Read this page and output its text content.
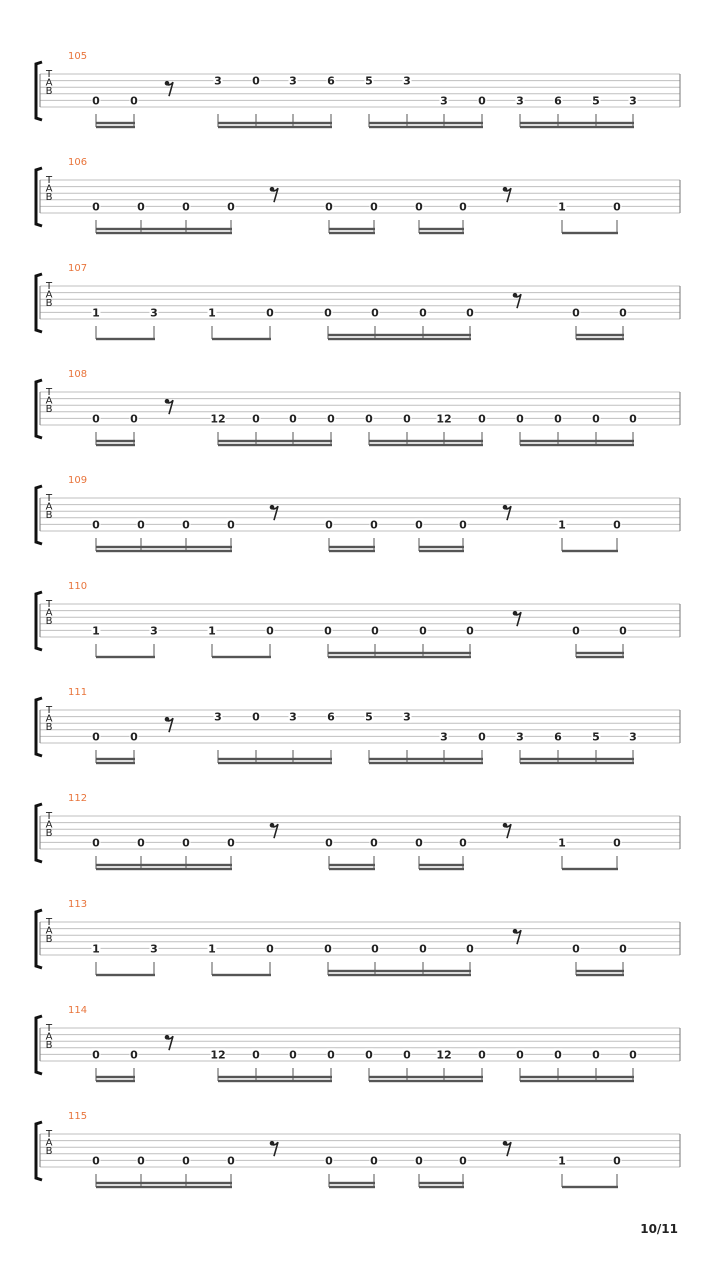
105
T
A
B
0	0
3	0	3	6	5	3
3	0	3	6	5	3
106
T
A
B
0	0	0	0	0	0	0	0	1	0
107
T
A
B
1	3	1	0	0	0	0	0	0	0
108
T
A
B
0	0	12 0	0	0	0	0 12 0	0	0	0	0
109
T
A
B
0	0	0	0	0	0	0	0	1	0
110
T
A
B
1	3	1	0	0	0	0	0	0	0
111
T
A
B
0	0
3	0	3	6	5	3
3	0	3	6	5	3
112
T
A
B
0	0	0	0	0	0	0	0	1	0
113
T
A
B
1	3	1	0	0	0	0	0	0	0
114
T
A
B
0	0	12 0	0	0	0	0 12 0	0	0	0	0
115
T
A
B
0	0	0	0	0	0	0	0	1	0
10/11
